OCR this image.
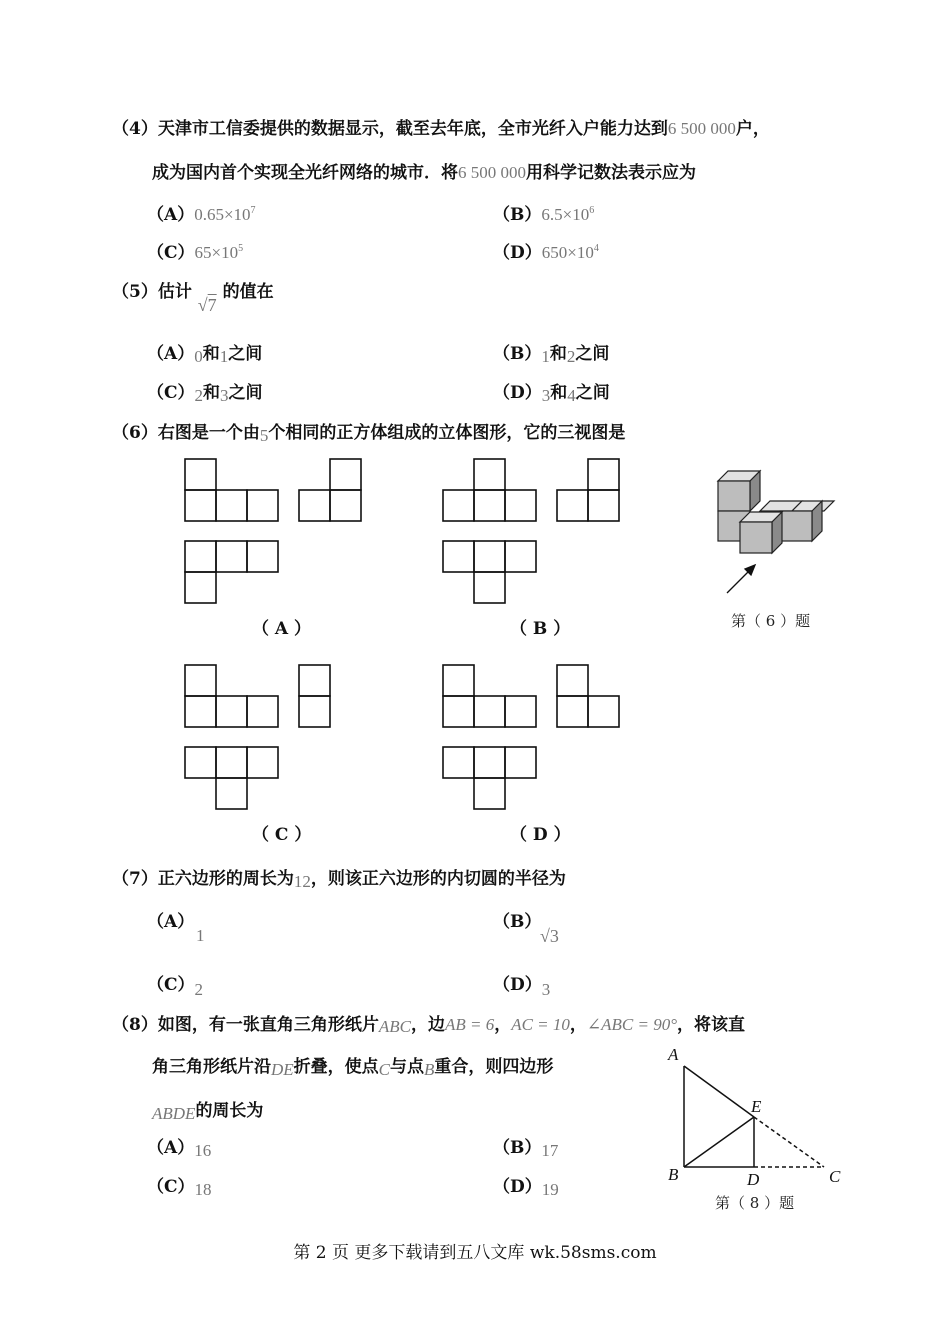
（4）天津市工信委提供的数据显示，截至去年底，全市光纤入户能力达到6 500 000户，
成为国内首个实现全光纤网络的城市．将6 500 000用科学记数法表示应为
$(A)0.65\times 10^7$	$(B)6.5\times 10^6$
$(C)65\times 10^5$	$(D)650\times 10^4$
（5）估计 √7 的值在
（A）0和1之间	（B）1和2之间
（C）2和3之间	（D）3和4之间
（6）右图是一个由5个相同的正方体组成的立体图形，它的三视图是
（ A ）	（ B ）
（ C ）	（ D ）
第（ 6 ）题
（7）正六边形的周长为12，则该正六边形的内切圆的半径为
（A）
1
（B）
√3
（C）2	（D）3
（8）如图，有一张直角三角形纸片ABC，边AB = 6，AC = 10，∠ABC = 90°，将该直
角三角形纸片沿DE折叠，使点C与点B重合，则四边形
ABDE的周长为
（A）16	（B）17
（C）18	（D）19
A
E
B	D	C
第（ 8 ）题
第 2 页 更多下载请到五八文库 wk.58sms.com
